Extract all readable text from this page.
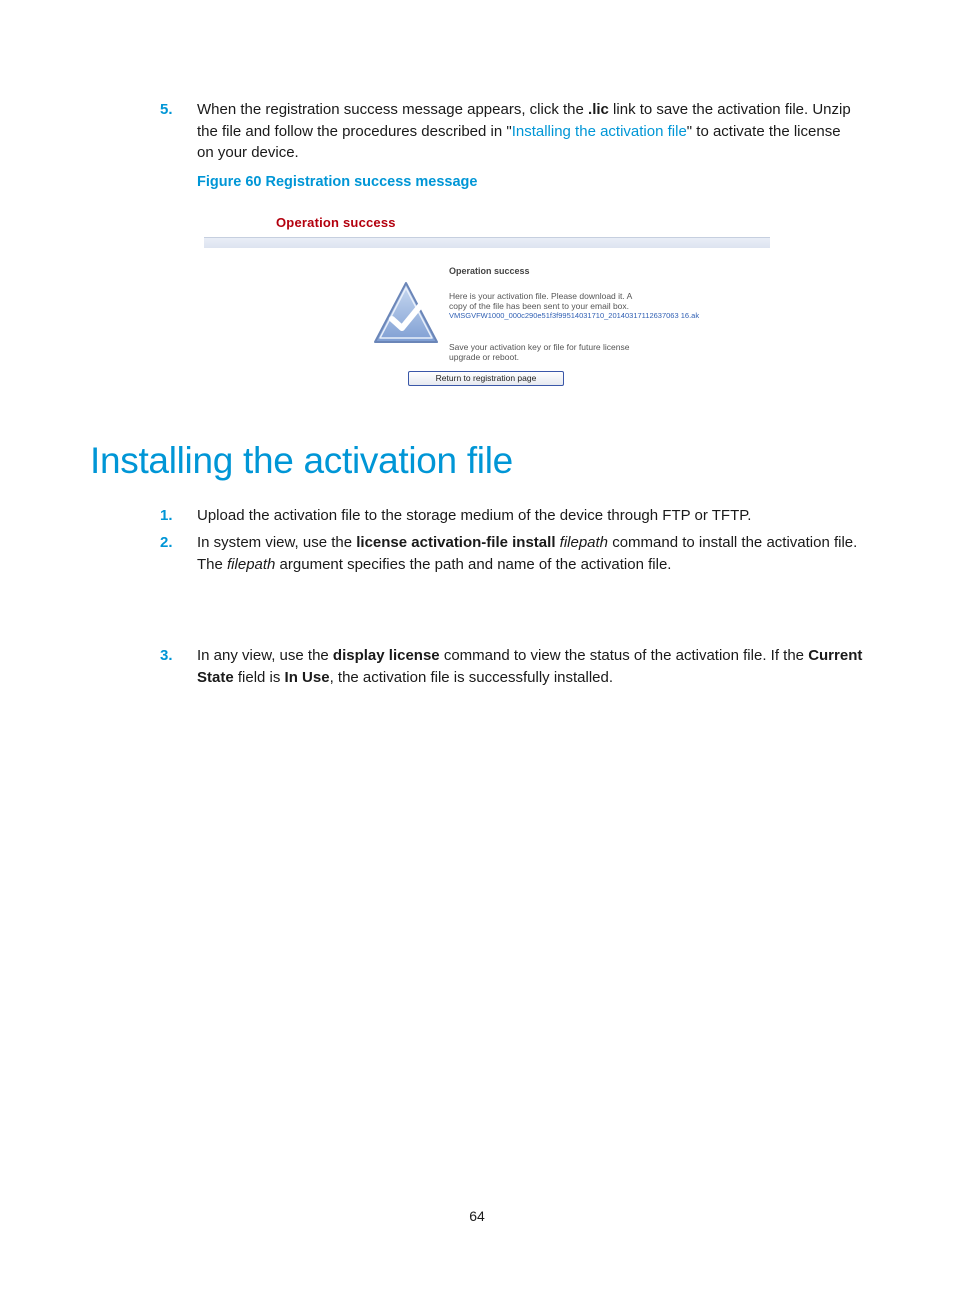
5. When the registration success message appears, click the .lic link to save the activation file. Unzip
the file and follow the procedures described in "Installing the activation file" to activate the license
on your device.
Figure 60 Registration success message
Operation success
Operation success
Here is your activation file. Please download it. A
copy of the file has been sent to your email box.
VMSGVFW1000_000c290e51f3f99514031710_20140317112637063 16.ak
Save your activation key or file for future license
upgrade or reboot.
Return to registration page
Installing the activation file
1. Upload the activation file to the storage medium of the device through FTP or TFTP.
2. In system view, use the license activation-file install filepath command to install the activation file.
The filepath argument specifies the path and name of the activation file.
3. In any view, use the display license command to view the status of the activation file. If the Current
State field is In Use, the activation file is successfully installed.
64
